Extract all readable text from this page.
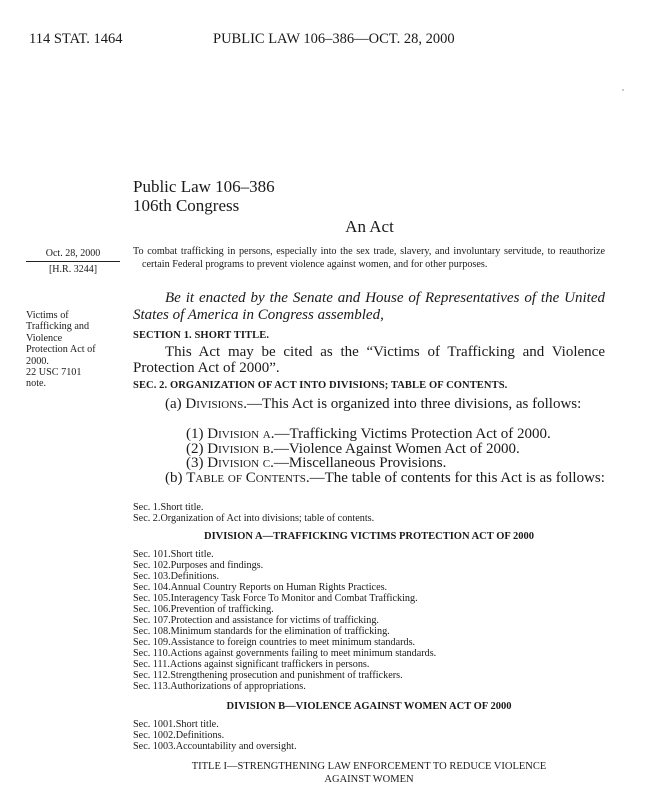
114 STAT. 1464	PUBLIC LAW 106–386—OCT. 28, 2000
Public Law 106–386
106th Congress
An Act
Oct. 28, 2000
[H.R. 3244]
To combat trafficking in persons, especially into the sex trade, slavery, and involuntary servitude, to reauthorize certain Federal programs to prevent violence against women, and for other purposes.
Victims of
Trafficking and
Violence
Protection Act of
2000.
22 USC 7101
note.
Be it enacted by the Senate and House of Representatives of the United States of America in Congress assembled,
SECTION 1. SHORT TITLE.
This Act may be cited as the “Victims of Trafficking and Violence Protection Act of 2000”.
SEC. 2. ORGANIZATION OF ACT INTO DIVISIONS; TABLE OF CONTENTS.
(a) Divisions.—This Act is organized into three divisions, as follows:
(1) Division a.—Trafficking Victims Protection Act of 2000.
(2) Division b.—Violence Against Women Act of 2000.
(3) Division c.—Miscellaneous Provisions.
(b) Table of Contents.—The table of contents for this Act is as follows:
Sec. 1.Short title.
Sec. 2.Organization of Act into divisions; table of contents.
DIVISION A—TRAFFICKING VICTIMS PROTECTION ACT OF 2000
Sec. 101.Short title.
Sec. 102.Purposes and findings.
Sec. 103.Definitions.
Sec. 104.Annual Country Reports on Human Rights Practices.
Sec. 105.Interagency Task Force To Monitor and Combat Trafficking.
Sec. 106.Prevention of trafficking.
Sec. 107.Protection and assistance for victims of trafficking.
Sec. 108.Minimum standards for the elimination of trafficking.
Sec. 109.Assistance to foreign countries to meet minimum standards.
Sec. 110.Actions against governments failing to meet minimum standards.
Sec. 111.Actions against significant traffickers in persons.
Sec. 112.Strengthening prosecution and punishment of traffickers.
Sec. 113.Authorizations of appropriations.
DIVISION B—VIOLENCE AGAINST WOMEN ACT OF 2000
Sec. 1001.Short title.
Sec. 1002.Definitions.
Sec. 1003.Accountability and oversight.
TITLE I—STRENGTHENING LAW ENFORCEMENT TO REDUCE VIOLENCE
AGAINST WOMEN
